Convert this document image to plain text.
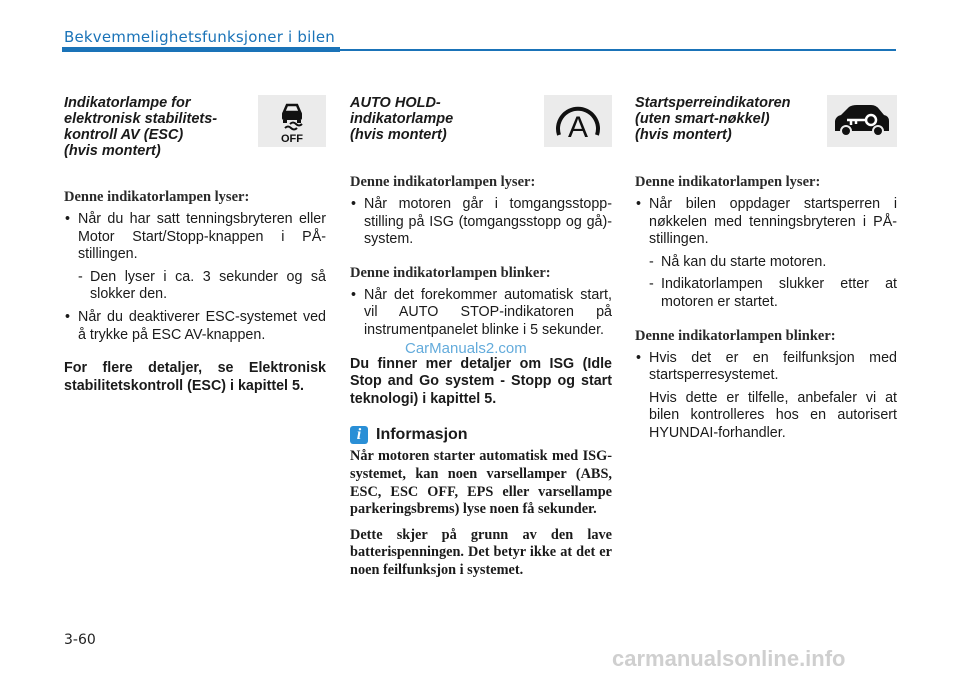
Bekvemmelighetsfunksjoner i bilen
OFF

Indikatorlampe for

elektronisk stabilitets-

kontroll AV (ESC)

(hvis montert)

Denne indikatorlampen lyser:

• Når du har satt tenningsbryteren eller Motor Start/Stopp-knappen i PÅ-stillingen.

- Den lyser i ca. 3 sekunder og så slokker den.

• Når du deaktiverer ESC-systemet ved å trykke på ESC AV-knappen.

For flere detaljer, se Elektronisk stabilitetskontroll (ESC) i kapittel 5.

A

AUTO HOLD-

indikatorlampe

(hvis montert)

Denne indikatorlampen lyser:

• Når motoren går i tomgangsstopp-stilling på ISG (tomgangsstopp og gå)-system.

Denne indikatorlampen blinker:

• Når det forekommer automatisk start, vil AUTO STOP-indikatoren på instrumentpanelet blinke i 5 sekunder.

Du finner mer detaljer om ISG (Idle Stop and Go system - Stopp og start teknologi) i kapittel 5.

i Informasjon

Når motoren starter automatisk med ISG-systemet, kan noen varsellamper (ABS, ESC, ESC OFF, EPS eller varsellampe parkeringsbrems) lyse noen få sekunder.

Dette skjer på grunn av den lave batterispenningen. Det betyr ikke at det er noen feilfunksjon i systemet.

Startsperreindikatoren

(uten smart-nøkkel)

(hvis montert)

Denne indikatorlampen lyser:

• Når bilen oppdager startsperren i nøkkelen med tenningsbryteren i PÅ-stillingen.

- Nå kan du starte motoren.

- Indikatorlampen slukker etter at motoren er startet.

Denne indikatorlampen blinker:

• Hvis det er en feilfunksjon med startsperresystemet.

Hvis dette er tilfelle, anbefaler vi at bilen kontrolleres hos en autorisert HYUNDAI-forhandler.

3-60
CarManuals2.com
carmanualsonline.info
